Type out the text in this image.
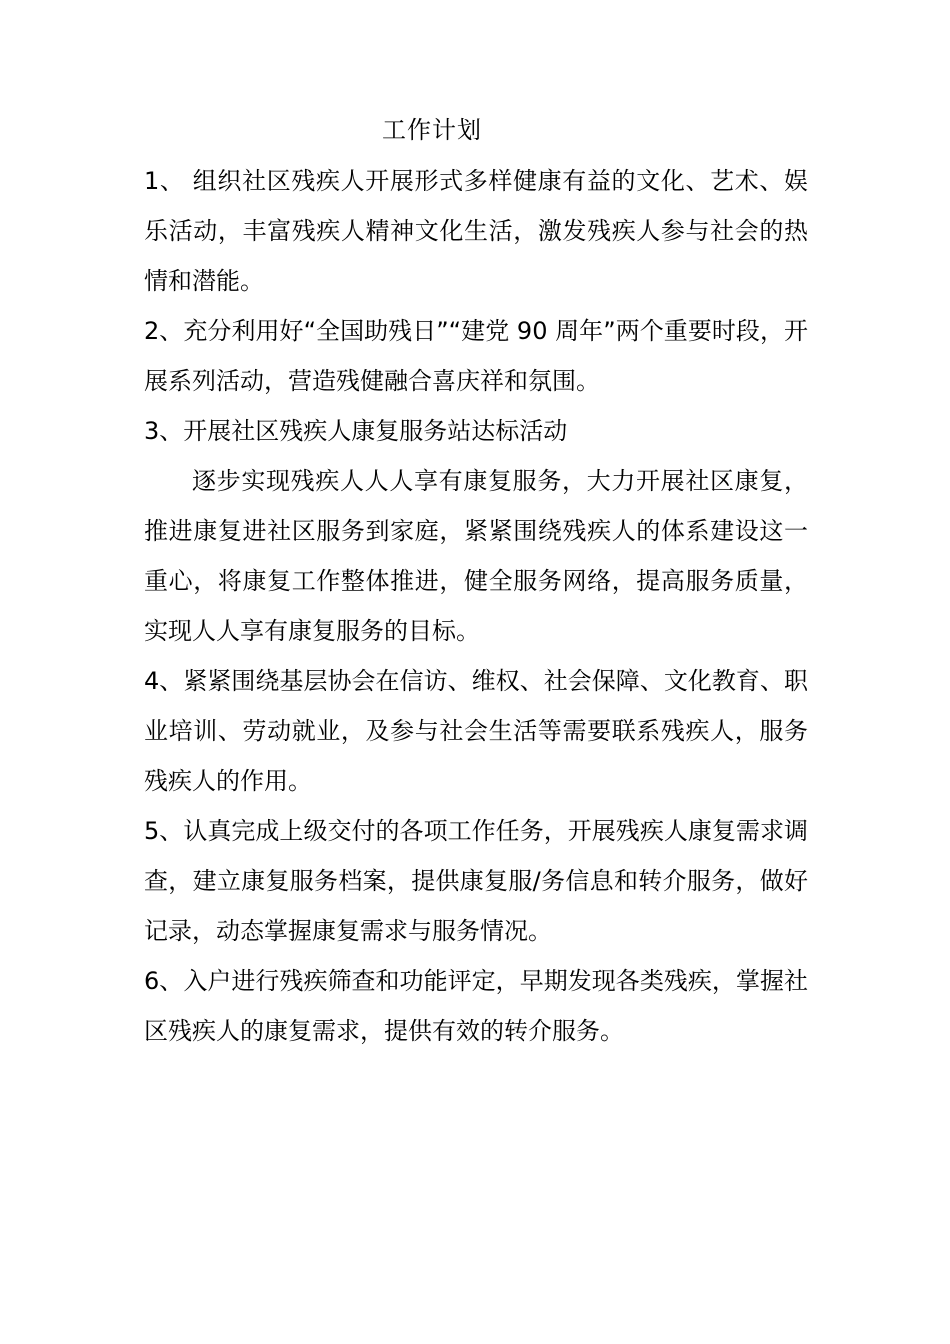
工作计划

1、 组织社区残疾人开展形式多样健康有益的文化、艺术、娱乐活动，丰富残疾人精神文化生活，激发残疾人参与社会的热情和潜能。

2、充分利用好“全国助残日”“建党 90 周年”两个重要时段，开展系列活动，营造残健融合喜庆祥和氛围。

3、开展社区残疾人康复服务站达标活动

逐步实现残疾人人人享有康复服务，大力开展社区康复，推进康复进社区服务到家庭，紧紧围绕残疾人的体系建设这一重心，将康复工作整体推进，健全服务网络，提高服务质量，实现人人享有康复服务的目标。

4、紧紧围绕基层协会在信访、维权、社会保障、文化教育、职业培训、劳动就业，及参与社会生活等需要联系残疾人，服务残疾人的作用。

5、认真完成上级交付的各项工作任务，开展残疾人康复需求调查，建立康复服务档案，提供康复服/务信息和转介服务，做好记录，动态掌握康复需求与服务情况。

6、入户进行残疾筛查和功能评定，早期发现各类残疾，掌握社区残疾人的康复需求，提供有效的转介服务。
